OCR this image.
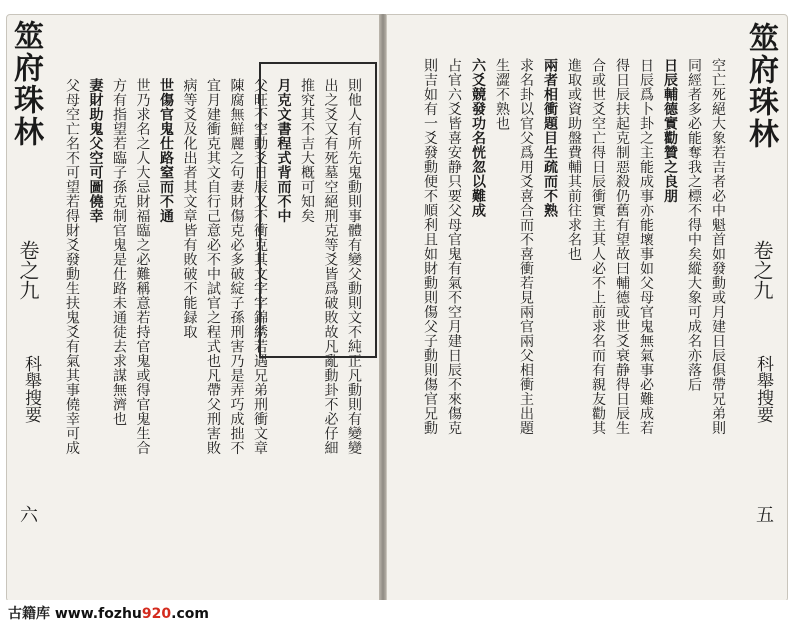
則他人有所先鬼動則事體有變父動則文不純正凡動則有變變
出之爻又有死墓空絕刑克等爻皆爲破敗故凡亂動卦不必仔細
推究其不吉大槪可知矣
月克文書程式背而不中
父旺不空動爻日辰又不衝克其文字字錦綉若遇兄弟刑衝文章
陳腐無鮮麗之句妻財傷克必多破綻子孫刑害乃是弄巧成拙不
宜月建衝克其文自行己意必不中試官之程式也凡帶父刑害敗
病等爻及化出者其文章皆有敗破不能録取
世傷官鬼仕路窒而不通
世乃求名之人大忌財福臨之必難稱意若持官鬼或得官鬼生合
方有指望若臨子孫克制官鬼是仕路未通徒去求謀無濟也
妻財助鬼父空可圖僥幸
父母空亡名不可望若得財爻發動生扶鬼爻有氣其事僥幸可成
筮府珠林
卷之九
科舉搜要
六
空亡死絕大象若吉者必中魁首如發動或月建日辰俱帶兄弟則
同經者多必能奪我之標不得中矣縱大象可成名亦落后
日辰輔德實勸贊之良朋
日辰爲卜卦之主能成事亦能壞事如父母官鬼無氣事必難成若
得日辰扶起克制惡殺仍舊有望故曰輔德或世爻衰静得日辰生
合或世爻空亡得日辰衝實主其人必不上前求名而有親友勸其
進取或資助盤費輔其前往求名也
兩者相衝題目生疏而不熟
求名卦以官父爲用爻喜合而不喜衝若見兩官兩父相衝主出題
生澀不熟也
六爻競發功名恍忽以難成
占官六爻皆喜安静只要父母官鬼有氣不空月建日辰不來傷克
則吉如有一爻發動便不順利且如財動則傷父子動則傷官兄動	筮府珠林
卷之九
科舉搜要
五
古籍库 www.fozhu920.com
